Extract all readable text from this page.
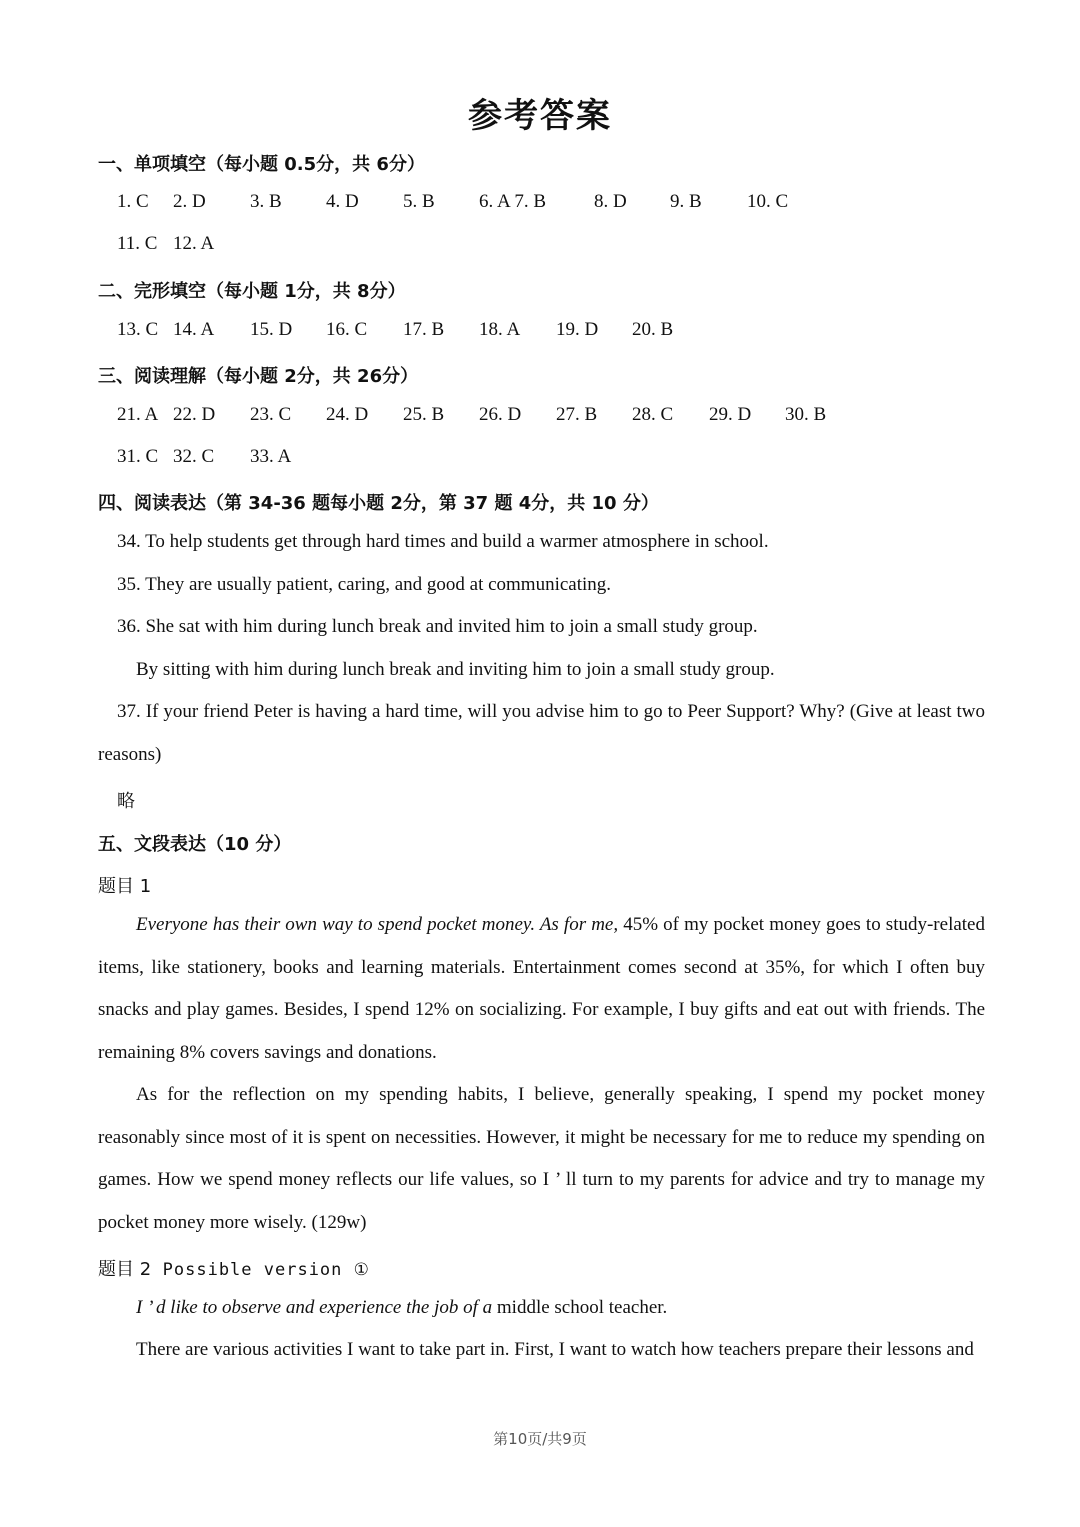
参考答案
一、单项填空（每小题 0.5分，共 6分）
1. C 2. D 3. B 4. D 5. B 6. A 7. B	8. D 9. B 10. C
11. C 12. A
二、完形填空（每小题 1分，共 8分）
13. C 14. A 15. D 16. C 17. B 18. A 19. D 20. B
三、阅读理解（每小题 2分，共 26分）
21. A 22. D 23. C 24. D 25. B 26. D 27. B 28. C 29. D 30. B
31. C 32. C 33. A
四、阅读表达（第 34-36 题每小题 2分，第 37 题 4分，共 10 分）
34. To help students get through hard times and build a warmer atmosphere in school.
35. They are usually patient, caring, and good at communicating.
36. She sat with him during lunch break and invited him to join a small study group.
By sitting with him during lunch break and inviting him to join a small study group.

37. If your friend Peter is having a hard time, will you advise him to go to Peer Support? Why? (Give at least two reasons)

略
五、文段表达（10 分）
题目 1

Everyone has their own way to spend pocket money. As for me, 45% of my pocket money goes to study-related items, like stationery, books and learning materials. Entertainment comes second at 35%, for which I often buy snacks and play games. Besides, I spend 12% on socializing. For example, I buy gifts and eat out with friends. The remaining 8% covers savings and donations.

As for the reflection on my spending habits, I believe, generally speaking, I spend my pocket money reasonably since most of it is spent on necessities. However, it might be necessary for me to reduce my spending on games. How we spend money reflects our life values, so I ’ ll turn to my parents for advice and try to manage my pocket money more wisely. (129w)

题目 2 Possible version ①
I ’ d like to observe and experience the job of a middle school teacher.
There are various activities I want to take part in. First, I want to watch how teachers prepare their lessons and
第10页/共9页
